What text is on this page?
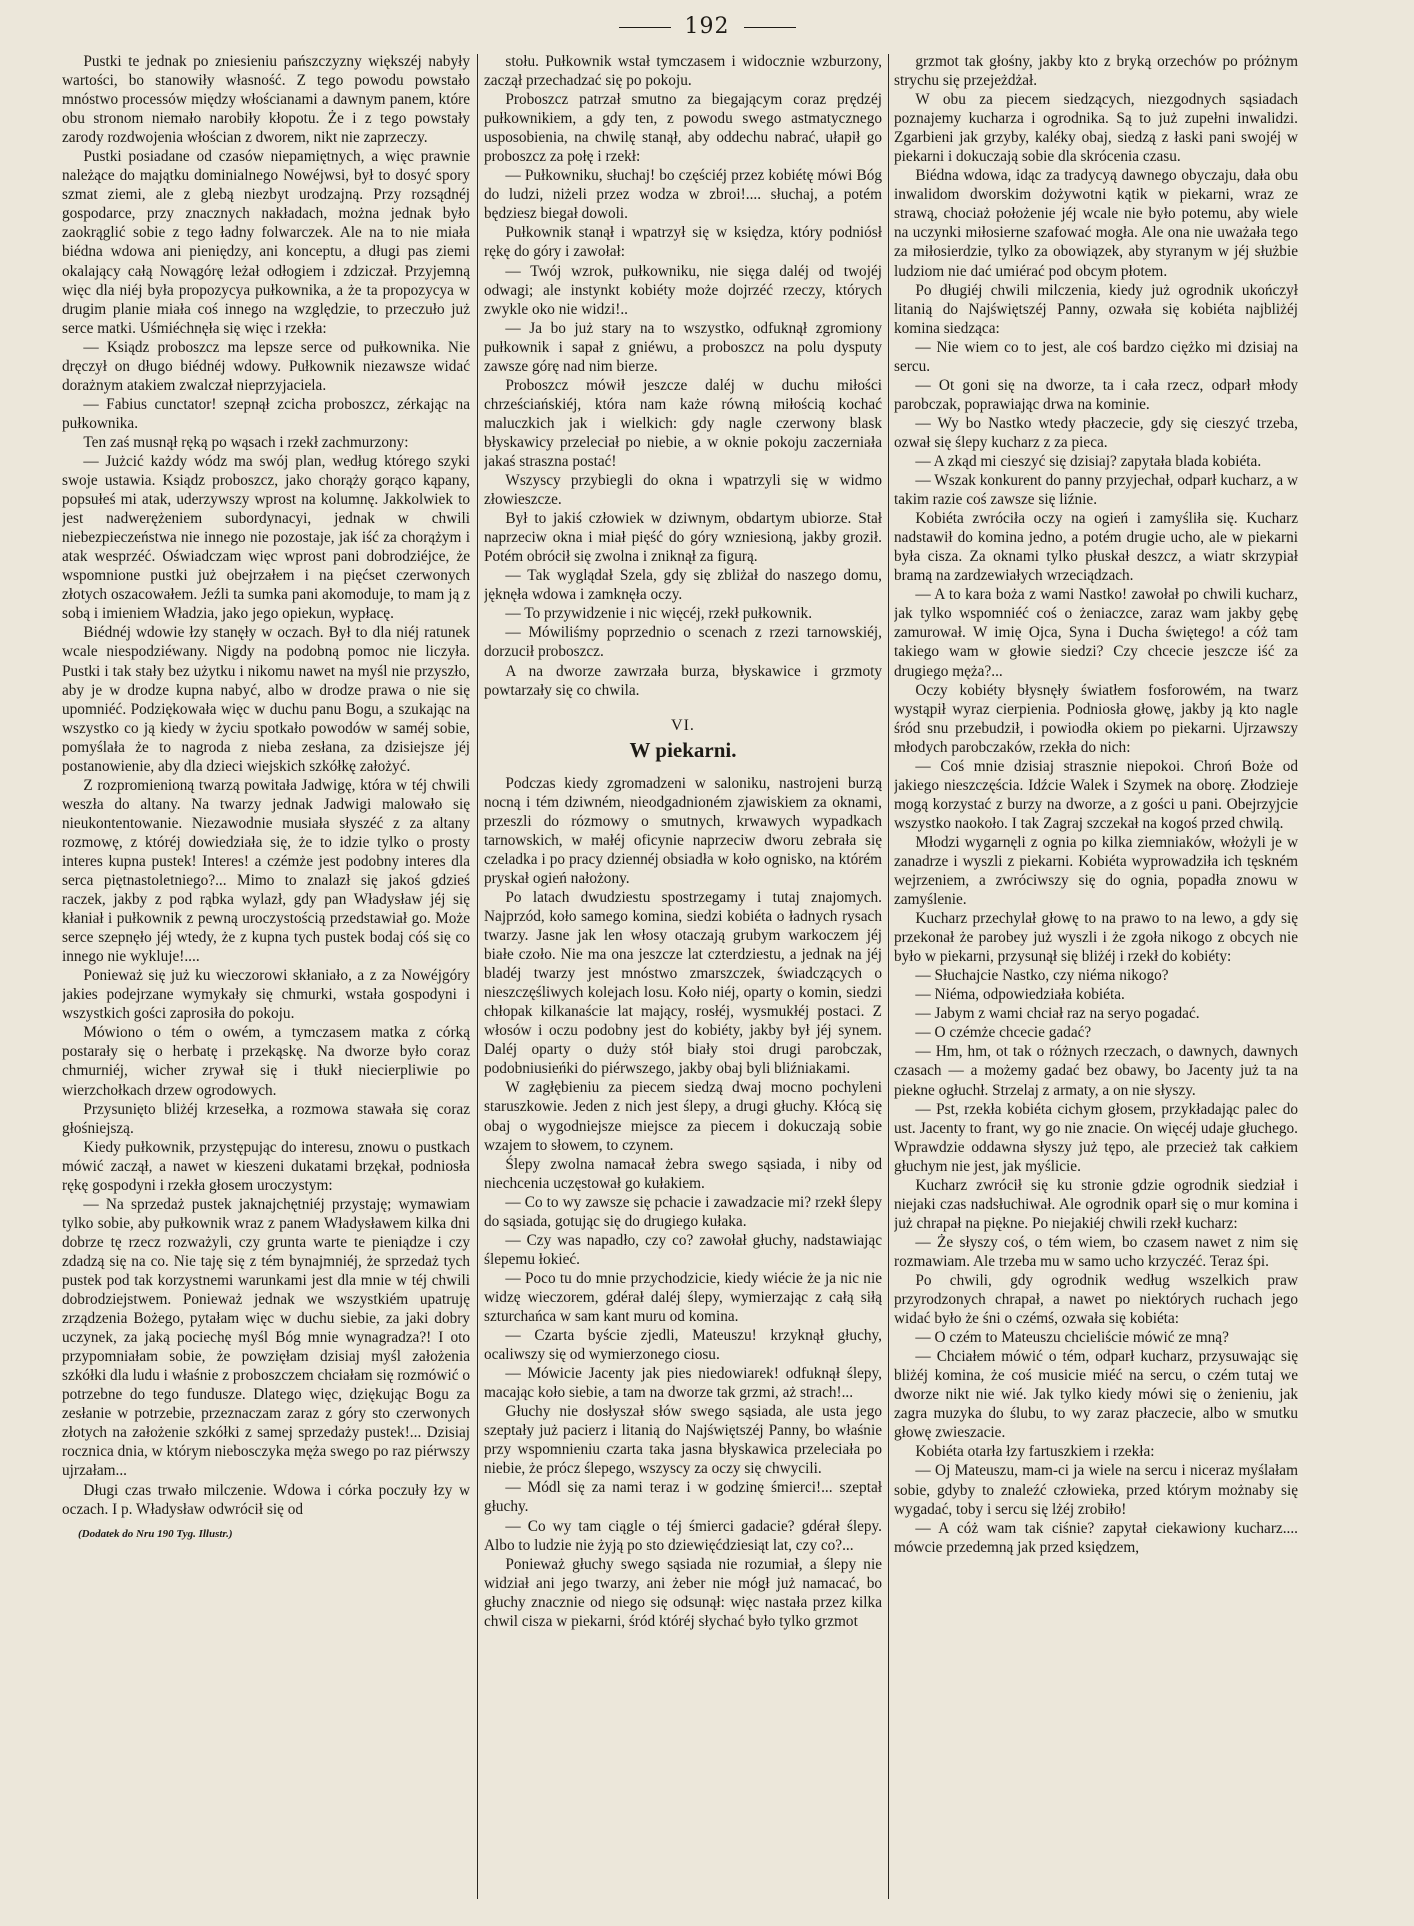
192

Pustki te jednak po zniesieniu pańszczyzny większéj nabyły wartości, bo stanowiły własność. Z tego powodu powstało mnóstwo processów między włościanami a dawnym panem, które obu stronom niemało narobiły kłopotu. Że i z tego powstały zarody rozdwojenia włościan z dworem, nikt nie zaprzeczy.

Pustki posiadane od czasów niepamiętnych, a więc prawnie należące do majątku dominialnego Nowéjwsi, był to dosyć spory szmat ziemi, ale z glebą niezbyt urodzajną. Przy rozsądnéj gospodarce, przy znacznych nakładach, można jednak było zaokrąglić sobie z tego ładny folwarczek. Ale na to nie miała biédna wdowa ani pieniędzy, ani konceptu, a długi pas ziemi okalający całą Nowągórę leżał odłogiem i zdziczał. Przyjemną więc dla niéj była propozycya pułkownika, a że ta propozycya w drugim planie miała coś innego na względzie, to przeczuło już serce matki. Uśmiéchnęła się więc i rzekła:

— Ksiądz proboszcz ma lepsze serce od pułkownika. Nie dręczył on długo biédnéj wdowy. Pułkownik niezawsze widać dorażnym atakiem zwalczał nieprzyjaciela.

— Fabius cunctator! szepnął zcicha proboszcz, zérkając na pułkownika.

Ten zaś musnął ręką po wąsach i rzekł zachmurzony:

— Jużcić każdy wódz ma swój plan, według którego szyki swoje ustawia. Ksiądz proboszcz, jako chorąży gorąco kąpany, popsułeś mi atak, uderzywszy wprost na kolumnę. Jakkolwiek to jest nadwerężeniem subordynacyi, jednak w chwili niebezpieczeństwa nie innego nie pozostaje, jak iść za chorążym i atak wesprzéć. Oświadczam więc wprost pani dobrodziéjce, że wspomnione pustki już obejrzałem i na pięćset czerwonych złotych oszacowałem. Jeźli ta sumka pani akomoduje, to mam ją z sobą i imieniem Władzia, jako jego opiekun, wypłacę.

Biédnéj wdowie łzy stanęły w oczach. Był to dla niéj ratunek wcale niespodziéwany. Nigdy na podobną pomoc nie liczyła. Pustki i tak stały bez użytku i nikomu nawet na myśl nie przyszło, aby je w drodze kupna nabyć, albo w drodze prawa o nie się upomniéć. Podziękowała więc w duchu panu Bogu, a szukając na wszystko co ją kiedy w życiu spotkało powodów w saméj sobie, pomyślała że to nagroda z nieba zesłana, za dzisiejsze jéj postanowienie, aby dla dzieci wiejskich szkółkę założyć.

Z rozpromienioną twarzą powitała Jadwigę, która w téj chwili weszła do altany. Na twarzy jednak Jadwigi malowało się nieukontentowanie. Niezawodnie musiała słyszéć z za altany rozmowę, z któréj dowiedziała się, że to idzie tylko o prosty interes kupna pustek! Interes! a czémże jest podobny interes dla serca piętnastoletniego?... Mimo to znalazł się jakoś gdzieś raczek, jakby z pod rąbka wylazł, gdy pan Władysław jéj się kłaniał i pułkownik z pewną uroczystością przedstawiał go. Może serce szepnęło jéj wtedy, że z kupna tych pustek bodaj cóś się co innego nie wykluje!....

Ponieważ się już ku wieczorowi skłaniało, a z za Nowéjgóry jakies podejrzane wymykały się chmurki, wstała gospodyni i wszystkich gości zaprosiła do pokoju.

Mówiono o tém o owém, a tymczasem matka z córką postarały się o herbatę i przekąskę. Na dworze było coraz chmurniéj, wicher zrywał się i tłukł niecierpliwie po wierzchołkach drzew ogrodowych.

Przysunięto bliżéj krzesełka, a rozmowa stawała się coraz głośniejszą.

Kiedy pułkownik, przystępując do interesu, znowu o pustkach mówić zaczął, a nawet w kieszeni dukatami brzękał, podniosła rękę gospodyni i rzekła głosem uroczystym:

— Na sprzedaż pustek jaknajchętniéj przystaję; wymawiam tylko sobie, aby pułkownik wraz z panem Władysławem kilka dni dobrze tę rzecz rozważyli, czy grunta warte te pieniądze i czy zdadzą się na co. Nie taję się z tém bynajmniéj, że sprzedaż tych pustek pod tak korzystnemi warunkami jest dla mnie w téj chwili dobrodziejstwem. Ponieważ jednak we wszystkiém upatruję zrządzenia Bożego, pytałam więc w duchu siebie, za jaki dobry uczynek, za jaką pociechę myśl Bóg mnie wynagradza?! I oto przypomniałam sobie, że powzięłam dzisiaj myśl założenia szkółki dla ludu i właśnie z proboszczem chciałam się rozmówić o potrzebne do tego fundusze. Dlatego więc, dziękując Bogu za zesłanie w potrzebie, przeznaczam zaraz z góry sto czerwonych złotych na założenie szkółki z samej sprzedaży pustek!... Dzisiaj rocznica dnia, w którym niebosczyka męża swego po raz piérwszy ujrzałam...

Długi czas trwało milczenie. Wdowa i córka poczuły łzy w oczach. I p. Władysław odwrócił się od

(Dodatek do Nru 190 Tyg. Illustr.)

stołu. Pułkownik wstał tymczasem i widocznie wzburzony, zaczął przechadzać się po pokoju.

Proboszcz patrzał smutno za biegającym coraz prędzéj pułkownikiem, a gdy ten, z powodu swego astmatycznego usposobienia, na chwilę stanął, aby oddechu nabrać, ułapił go proboszcz za połę i rzekł:

— Pułkowniku, słuchaj! bo częściéj przez kobiétę mówi Bóg do ludzi, niżeli przez wodza w zbroi!.... słuchaj, a potém będziesz biegał dowoli.

Pułkownik stanął i wpatrzył się w księdza, który podniósł rękę do góry i zawołał:

— Twój wzrok, pułkowniku, nie sięga daléj od twojéj odwagi; ale instynkt kobiéty może dojrzéć rzeczy, których zwykle oko nie widzi!..

— Ja bo już stary na to wszystko, odfuknął zgromiony pułkownik i sapał z gniéwu, a proboszcz na polu dysputy zawsze górę nad nim bierze.

Proboszcz mówił jeszcze daléj w duchu miłości chrześciańskiéj, która nam każe równą miłością kochać maluczkich jak i wielkich: gdy nagle czerwony blask błyskawicy przeleciał po niebie, a w oknie pokoju zaczerniała jakaś straszna postać!

Wszyscy przybiegli do okna i wpatrzyli się w widmo złowieszcze.

Był to jakiś człowiek w dziwnym, obdartym ubiorze. Stał naprzeciw okna i miał pięść do góry wzniesioną, jakby groził. Potém obrócił się zwolna i zniknął za figurą.

— Tak wyglądał Szela, gdy się zbliżał do naszego domu, jęknęła wdowa i zamknęła oczy.

— To przywidzenie i nic więcéj, rzekł pułkownik.

— Mówiliśmy poprzednio o scenach z rzezi tarnowskiéj, dorzucił proboszcz.

A na dworze zawrzała burza, błyskawice i grzmoty powtarzały się co chwila.

VI.
W piekarni.

Podczas kiedy zgromadzeni w saloniku, nastrojeni burzą nocną i tém dziwném, nieodgadnioném zjawiskiem za oknami, przeszli do rózmowy o smutnych, krwawych wypadkach tarnowskich, w małéj oficynie naprzeciw dworu zebrała się czeladka i po pracy dziennéj obsiadła w koło ognisko, na którém pryskał ogień nałożony.

Po latach dwudziestu spostrzegamy i tutaj znajomych. Najprzód, koło samego komina, siedzi kobiéta o ładnych rysach twarzy. Jasne jak len włosy otaczają grubym warkoczem jéj białe czoło. Nie ma ona jeszcze lat czterdziestu, a jednak na jéj bladéj twarzy jest mnóstwo zmarszczek, świadczących o nieszczęśliwych kolejach losu. Koło niéj, oparty o komin, siedzi chłopak kilkanaście lat mający, rosłéj, wysmukłéj postaci. Z włosów i oczu podobny jest do kobiéty, jakby był jéj synem. Daléj oparty o duży stół biały stoi drugi parobczak, podobniusieńki do piérwszego, jakby obaj byli bliźniakami.

W zagłębieniu za piecem siedzą dwaj mocno pochyleni staruszkowie. Jeden z nich jest ślepy, a drugi głuchy. Kłócą się obaj o wygodniejsze miejsce za piecem i dokuczają sobie wzajem to słowem, to czynem.

Ślepy zwolna namacał żebra swego sąsiada, i niby od niechcenia uczęstował go kułakiem.

— Co to wy zawsze się pchacie i zawadzacie mi? rzekł ślepy do sąsiada, gotując się do drugiego kułaka.

— Czy was napadło, czy co? zawołał głuchy, nadstawiając ślepemu łokieć.

— Poco tu do mnie przychodzicie, kiedy wiécie że ja nic nie widzę wieczorem, gdérał daléj ślepy, wymierzając z całą siłą szturchańca w sam kant muru od komina.

— Czarta byście zjedli, Mateuszu! krzyknął głuchy, ocaliwszy się od wymierzonego ciosu.

— Mówicie Jacenty jak pies niedowiarek! odfuknął ślepy, macając koło siebie, a tam na dworze tak grzmi, aż strach!...

Głuchy nie dosłyszał słów swego sąsiada, ale usta jego szeptały już pacierz i litanią do Najświętszéj Panny, bo właśnie przy wspomnieniu czarta taka jasna błyskawica przeleciała po niebie, że prócz ślepego, wszyscy za oczy się chwycili.

— Módl się za nami teraz i w godzinę śmierci!... szeptał głuchy.

— Co wy tam ciągle o téj śmierci gadacie? gdérał ślepy. Albo to ludzie nie żyją po sto dziewięćdziesiąt lat, czy co?...

Ponieważ głuchy swego sąsiada nie rozumiał, a ślepy nie widział ani jego twarzy, ani żeber nie mógł już namacać, bo głuchy znacznie od niego się odsunął: więc nastała przez kilka chwil cisza w piekarni, śród któréj słychać było tylko grzmot

grzmot tak głośny, jakby kto z bryką orzechów po próżnym strychu się przejeżdżał.

W obu za piecem siedzących, niezgodnych sąsiadach poznajemy kucharza i ogrodnika. Są to już zupełni inwalidzi. Zgarbieni jak grzyby, kaléky obaj, siedzą z łaski pani swojéj w piekarni i dokuczają sobie dla skrócenia czasu.

Biédna wdowa, idąc za tradycyą dawnego obyczaju, dała obu inwalidom dworskim dożywotni kątik w piekarni, wraz ze strawą, chociaż położenie jéj wcale nie było potemu, aby wiele na uczynki miłosierne szafować mogła. Ale ona nie uważała tego za miłosierdzie, tylko za obowiązek, aby styranym w jéj służbie ludziom nie dać umiérać pod obcym płotem.

Po długiéj chwili milczenia, kiedy już ogrodnik ukończył litanią do Najświętszéj Panny, ozwała się kobiéta najbliżéj komina siedząca:

— Nie wiem co to jest, ale coś bardzo ciężko mi dzisiaj na sercu.

— Ot goni się na dworze, ta i cała rzecz, odparł młody parobczak, poprawiając drwa na kominie.

— Wy bo Nastko wtedy płaczecie, gdy się cieszyć trzeba, ozwał się ślepy kucharz z za pieca.

— A zkąd mi cieszyć się dzisiaj? zapytała blada kobiéta.

— Wszak konkurent do panny przyjechał, odparł kucharz, a w takim razie coś zawsze się liźnie.

Kobiéta zwróciła oczy na ogień i zamyśliła się. Kucharz nadstawił do komina jedno, a potém drugie ucho, ale w piekarni była cisza. Za oknami tylko płuskał deszcz, a wiatr skrzypiał bramą na zardzewiałych wrzeciądzach.

— A to kara boża z wami Nastko! zawołał po chwili kucharz, jak tylko wspomniéć coś o żeniaczce, zaraz wam jakby gębę zamurował. W imię Ojca, Syna i Ducha świętego! a cóż tam takiego wam w głowie siedzi? Czy chcecie jeszcze iść za drugiego męża?...

Oczy kobiéty błysnęły światłem fosforowém, na twarz wystąpił wyraz cierpienia. Podniosła głowę, jakby ją kto nagle śród snu przebudził, i powiodła okiem po piekarni. Ujrzawszy młodych parobczaków, rzekła do nich:

— Coś mnie dzisiaj strasznie niepokoi. Chroń Boże od jakiego nieszczęścia. Idźcie Walek i Szymek na oborę. Złodzieje mogą korzystać z burzy na dworze, a z gości u pani. Obejrzyjcie wszystko naokoło. I tak Zagraj szczekał na kogoś przed chwilą.

Młodzi wygarnęli z ognia po kilka ziemniaków, włożyli je w zanadrze i wyszli z piekarni. Kobiéta wyprowadziła ich tęskném wejrzeniem, a zwróciwszy się do ognia, popadła znowu w zamyślenie.

Kucharz przechylał głowę to na prawo to na lewo, a gdy się przekonał że parobey już wyszli i że zgoła nikogo z obcych nie było w piekarni, przysunął się bliżéj i rzekł do kobiéty:

— Słuchajcie Nastko, czy niéma nikogo?

— Niéma, odpowiedziała kobiéta.

— Jabym z wami chciał raz na seryo pogadać.

— O czémże chcecie gadać?

— Hm, hm, ot tak o różnych rzeczach, o dawnych, dawnych czasach — a możemy gadać bez obawy, bo Jacenty już ta na piekne ogłuchł. Strzelaj z armaty, a on nie słyszy.

— Pst, rzekła kobiéta cichym głosem, przykładając palec do ust. Jacenty to frant, wy go nie znacie. On więcéj udaje głuchego. Wprawdzie oddawna słyszy już tępo, ale przecież tak całkiem głuchym nie jest, jak myślicie.

Kucharz zwrócił się ku stronie gdzie ogrodnik siedział i niejaki czas nadsłuchiwał. Ale ogrodnik oparł się o mur komina i już chrapał na piękne. Po niejakiéj chwili rzekł kucharz:

— Że słyszy coś, o tém wiem, bo czasem nawet z nim się rozmawiam. Ale trzeba mu w samo ucho krzyczéć. Teraz śpi.

Po chwili, gdy ogrodnik według wszelkich praw przyrodzonych chrapał, a nawet po niektórych ruchach jego widać było że śni o czémś, ozwała się kobiéta:

— O czém to Mateuszu chcieliście mówić ze mną?

— Chciałem mówić o tém, odparł kucharz, przysuwając się bliżéj komina, że coś musicie miéć na sercu, o czém tutaj we dworze nikt nie wié. Jak tylko kiedy mówi się o żenieniu, jak zagra muzyka do ślubu, to wy zaraz płaczecie, albo w smutku głowę zwieszacie.

Kobiéta otarła łzy fartuszkiem i rzekła:

— Oj Mateuszu, mam-ci ja wiele na sercu i niceraz myślałam sobie, gdyby to znaleźć człowieka, przed którym możnaby się wygadać, toby i sercu się lżéj zrobiło!

— A cóż wam tak ciśnie? zapytał ciekawiony kucharz.... mówcie przedemną jak przed księdzem,
